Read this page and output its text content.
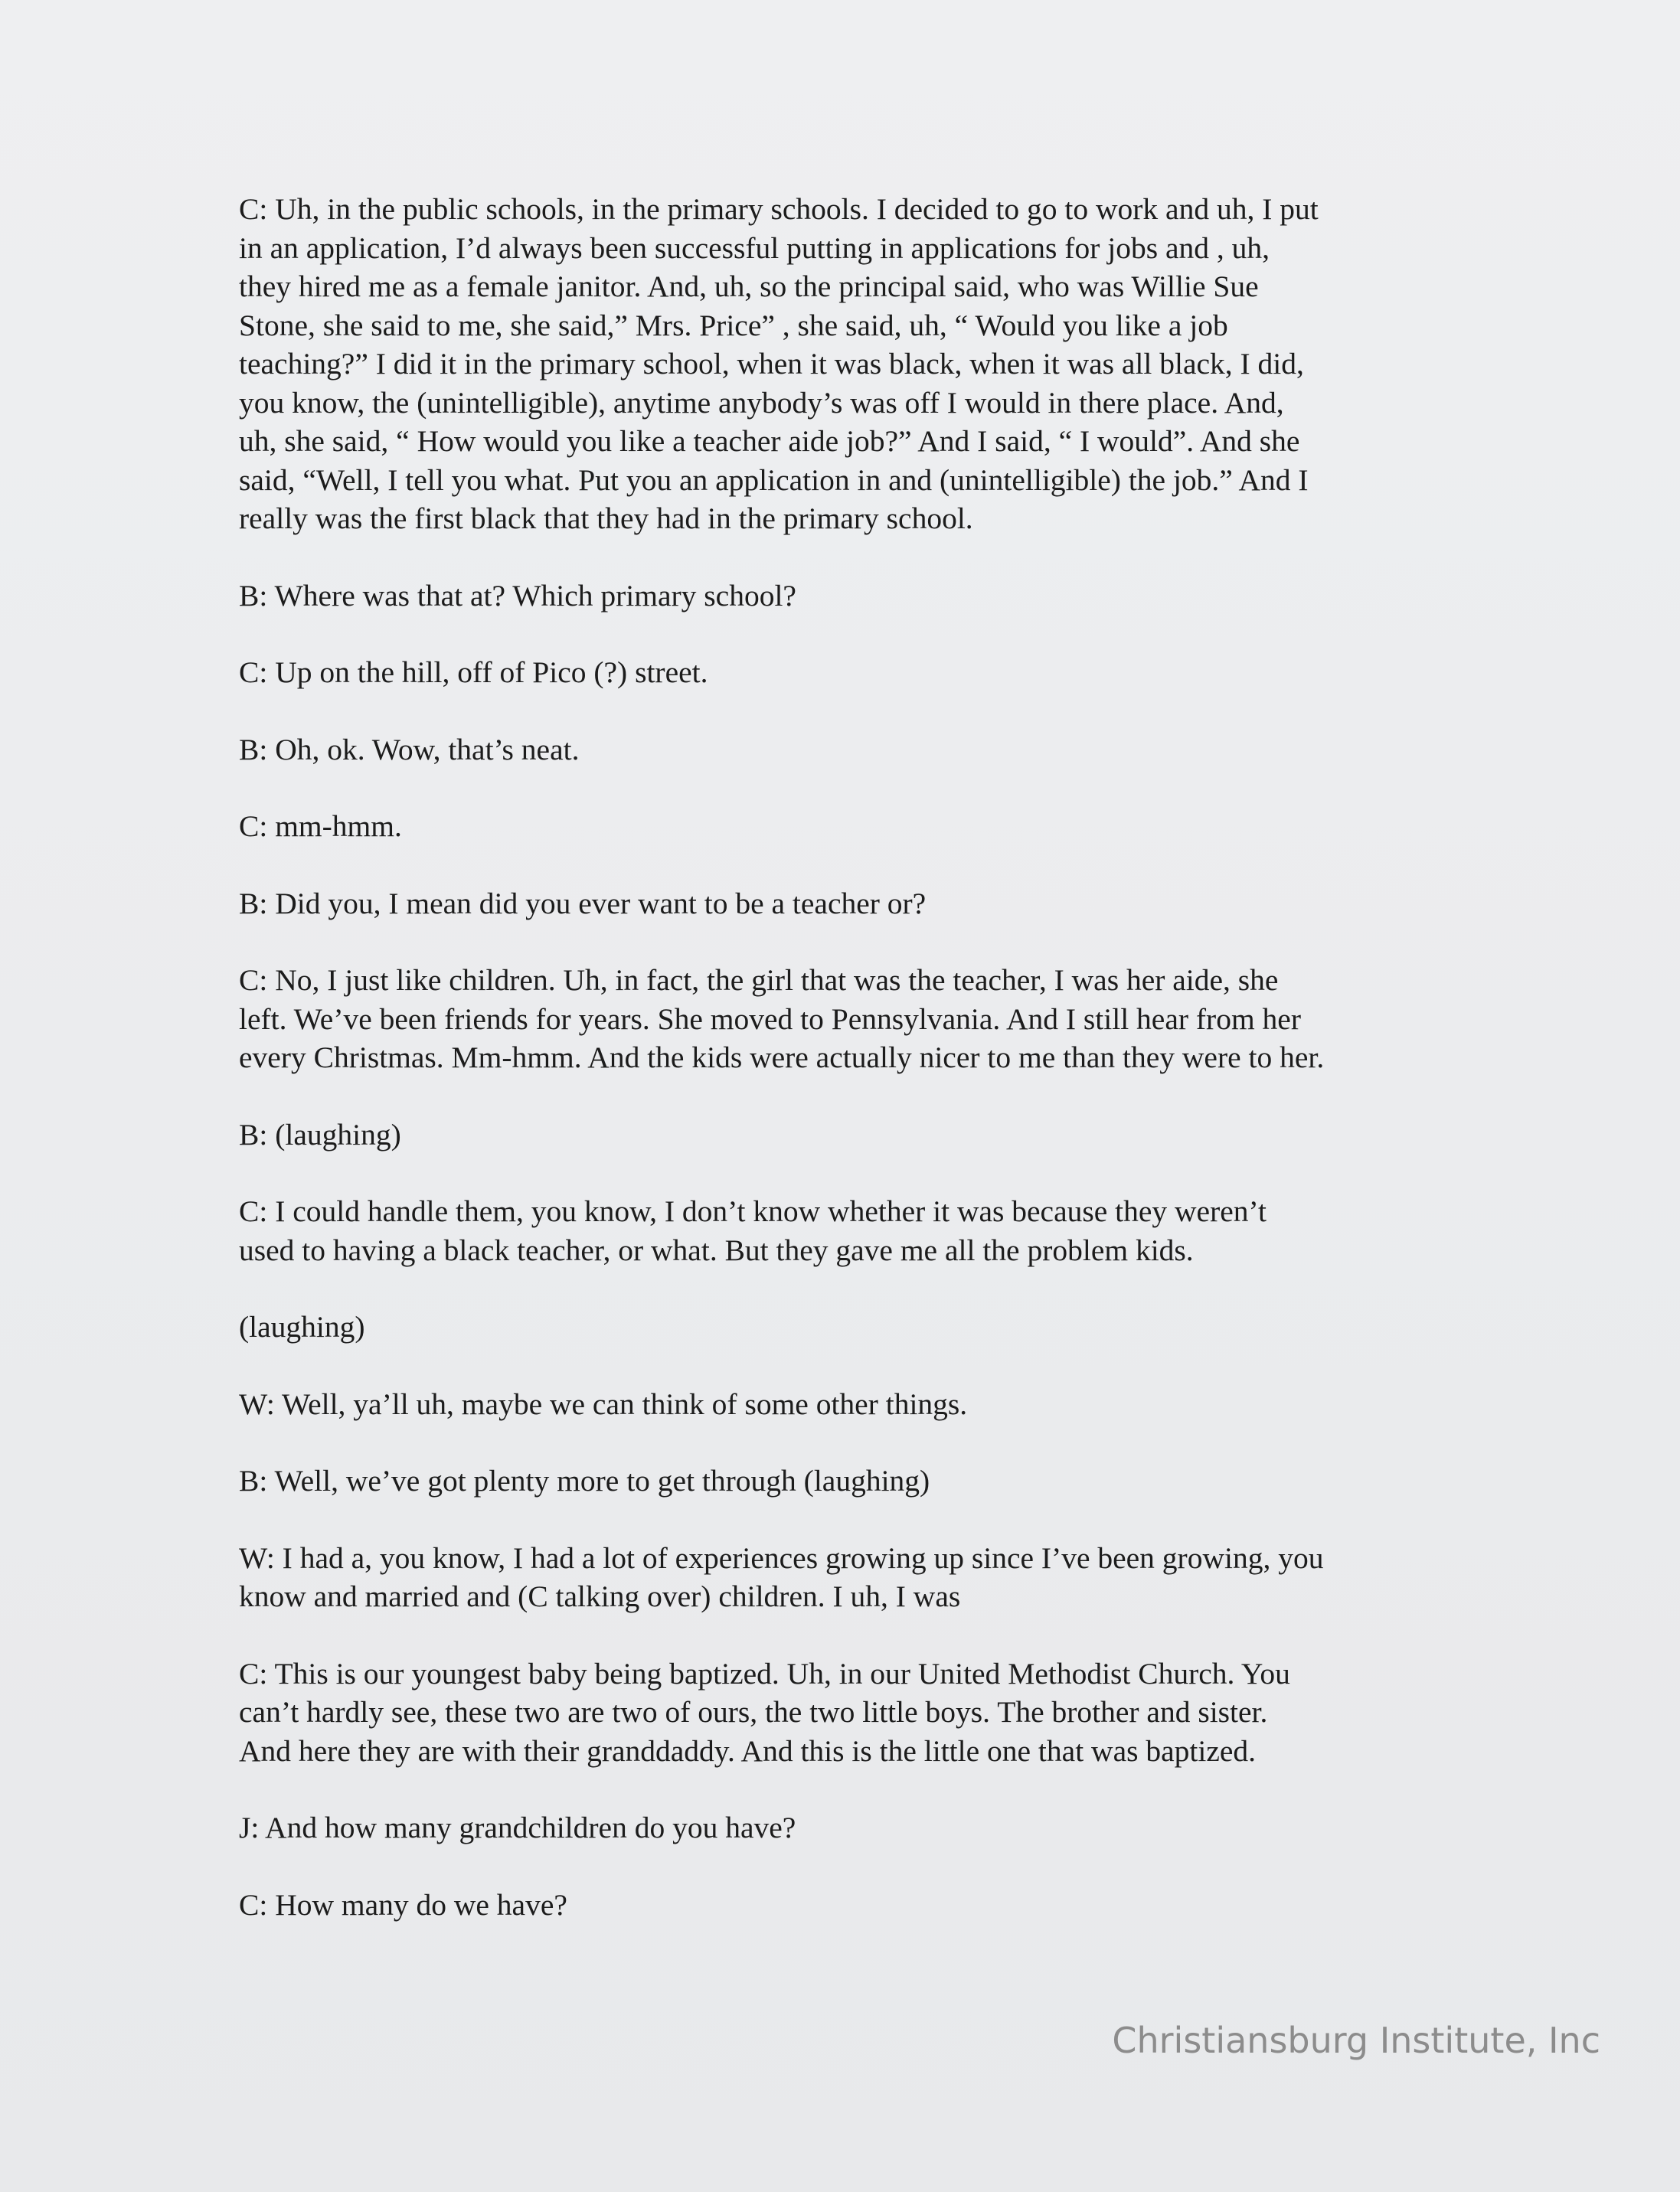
C: Uh, in the public schools, in the primary schools. I decided to go to work and uh, I put
in an application, I’d always been successful putting in applications for jobs and , uh,
they hired me as a female janitor. And, uh, so the principal said, who was Willie Sue
Stone, she said to me, she said,” Mrs. Price” , she said, uh, “ Would you like a job
teaching?” I did it in the primary school, when it was black, when it was all black, I did,
you know, the (unintelligible), anytime anybody’s was off I would in there place. And,
uh, she said, “ How would you like a teacher aide job?” And I said, “ I would”. And she
said, “Well, I tell you what. Put you an application in and (unintelligible) the job.” And I
really was the first black that they had in the primary school.

B: Where was that at? Which primary school?

C: Up on the hill, off of Pico (?) street.

B: Oh, ok. Wow, that’s neat.

C: mm-hmm.

B: Did you, I mean did you ever want to be a teacher or?

C: No, I just like children. Uh, in fact, the girl that was the teacher, I was her aide, she
left. We’ve been friends for years. She moved to Pennsylvania. And I still hear from her
every Christmas. Mm-hmm. And the kids were actually nicer to me than they were to her.

B: (laughing)

C: I could handle them, you know, I don’t know whether it was because they weren’t
used to having a black teacher, or what. But they gave me all the problem kids.

(laughing)

W: Well, ya’ll uh, maybe we can think of some other things.

B: Well, we’ve got plenty more to get through (laughing)

W: I had a, you know, I had a lot of experiences growing up since I’ve been growing, you
know and married and (C talking over) children. I uh, I was

C: This is our youngest baby being baptized. Uh, in our United Methodist Church. You
can’t hardly see, these two are two of ours, the two little boys. The brother and sister.
And here they are with their granddaddy. And this is the little one that was baptized.

J: And how many grandchildren do you have?

C: How many do we have?

Christiansburg Institute, Inc
